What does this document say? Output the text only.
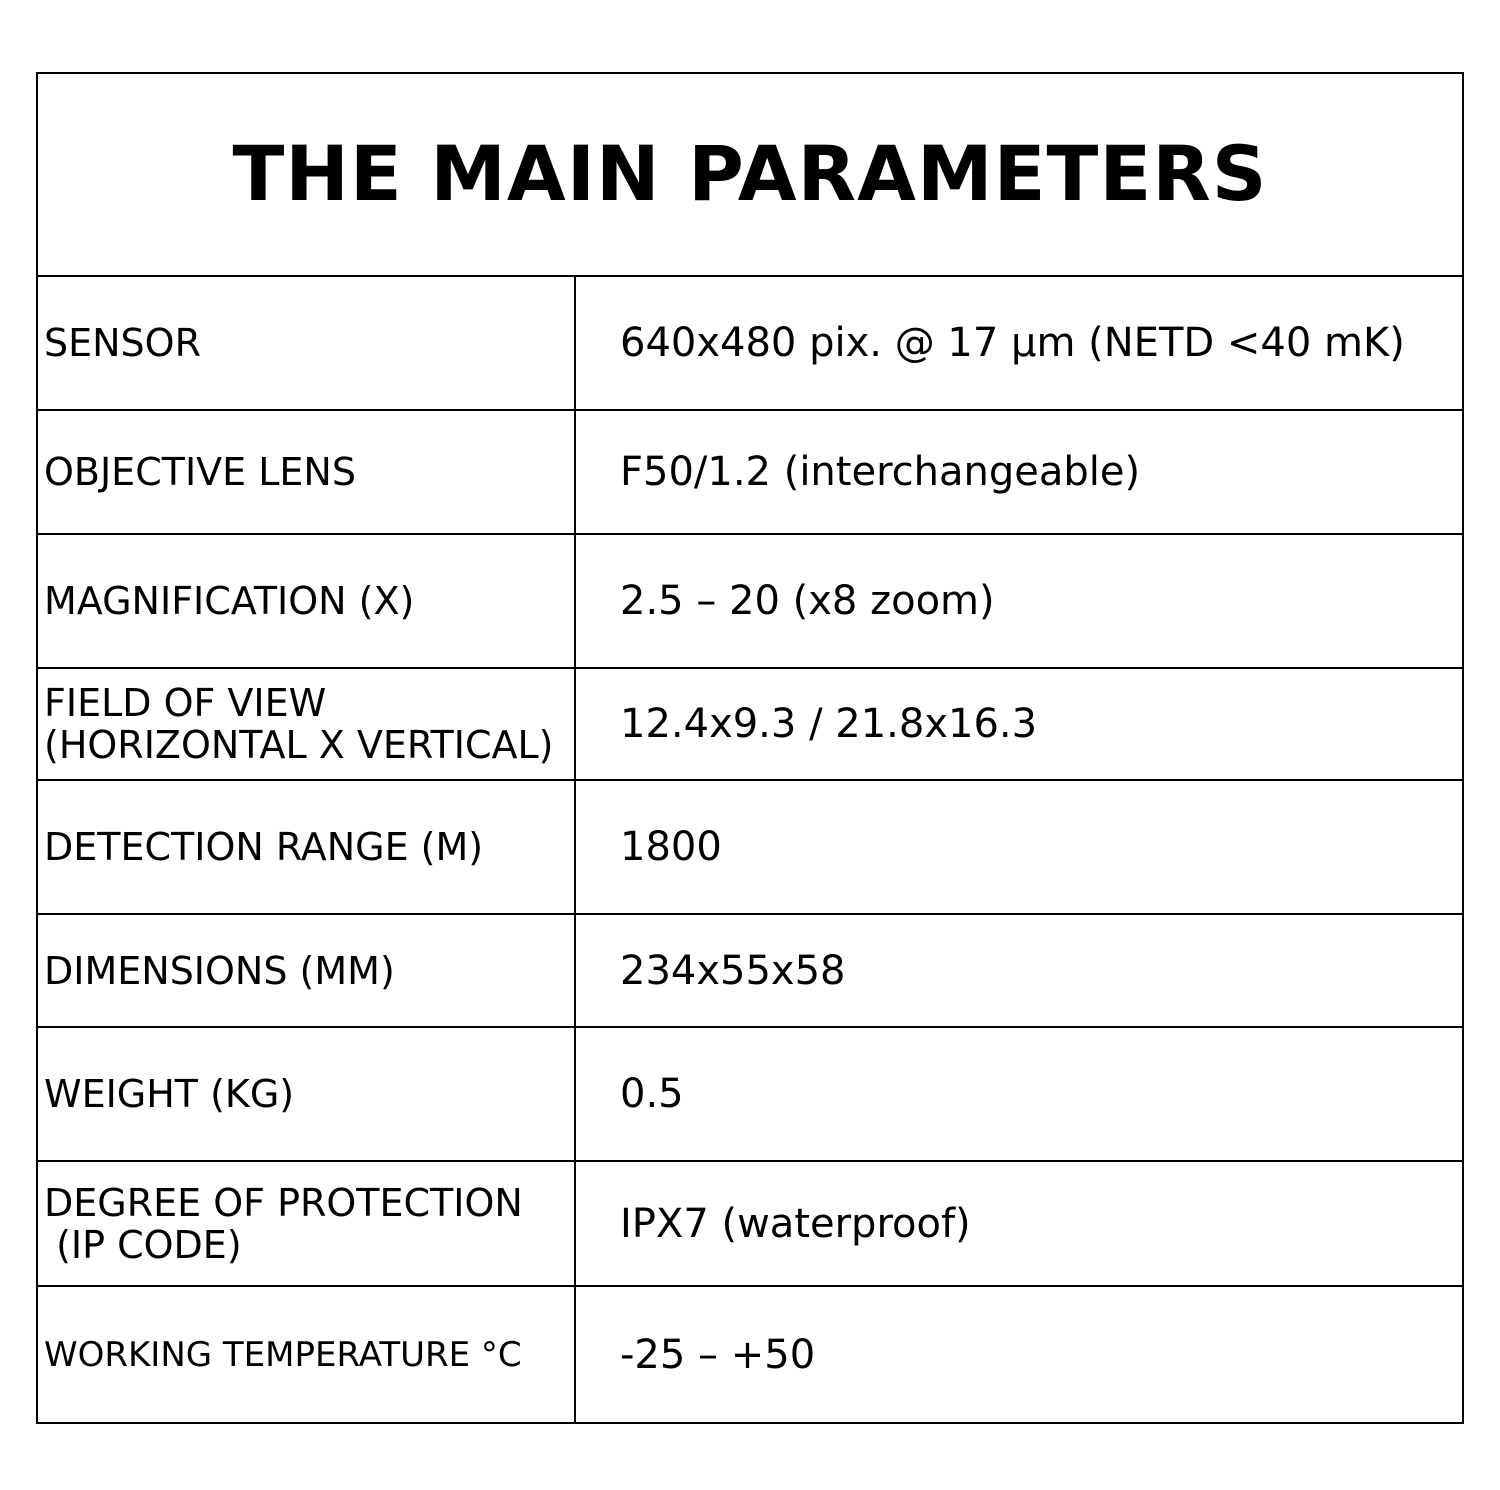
THE MAIN PARAMETERS
SENSOR	640x480 pix. @ 17 µm (NETD <40 mK)
OBJECTIVE LENS	F50/1.2 (interchangeable)
MAGNIFICATION (X)	2.5 – 20 (x8 zoom)
FIELD OF VIEW
(HORIZONTAL X VERTICAL)	12.4x9.3 / 21.8x16.3
DETECTION RANGE (M)	1800
DIMENSIONS (MM)	234x55x58
WEIGHT (KG)	0.5
DEGREE OF PROTECTION
(IP CODE)	IPX7 (waterproof)
WORKING TEMPERATURE °C	-25 – +50
